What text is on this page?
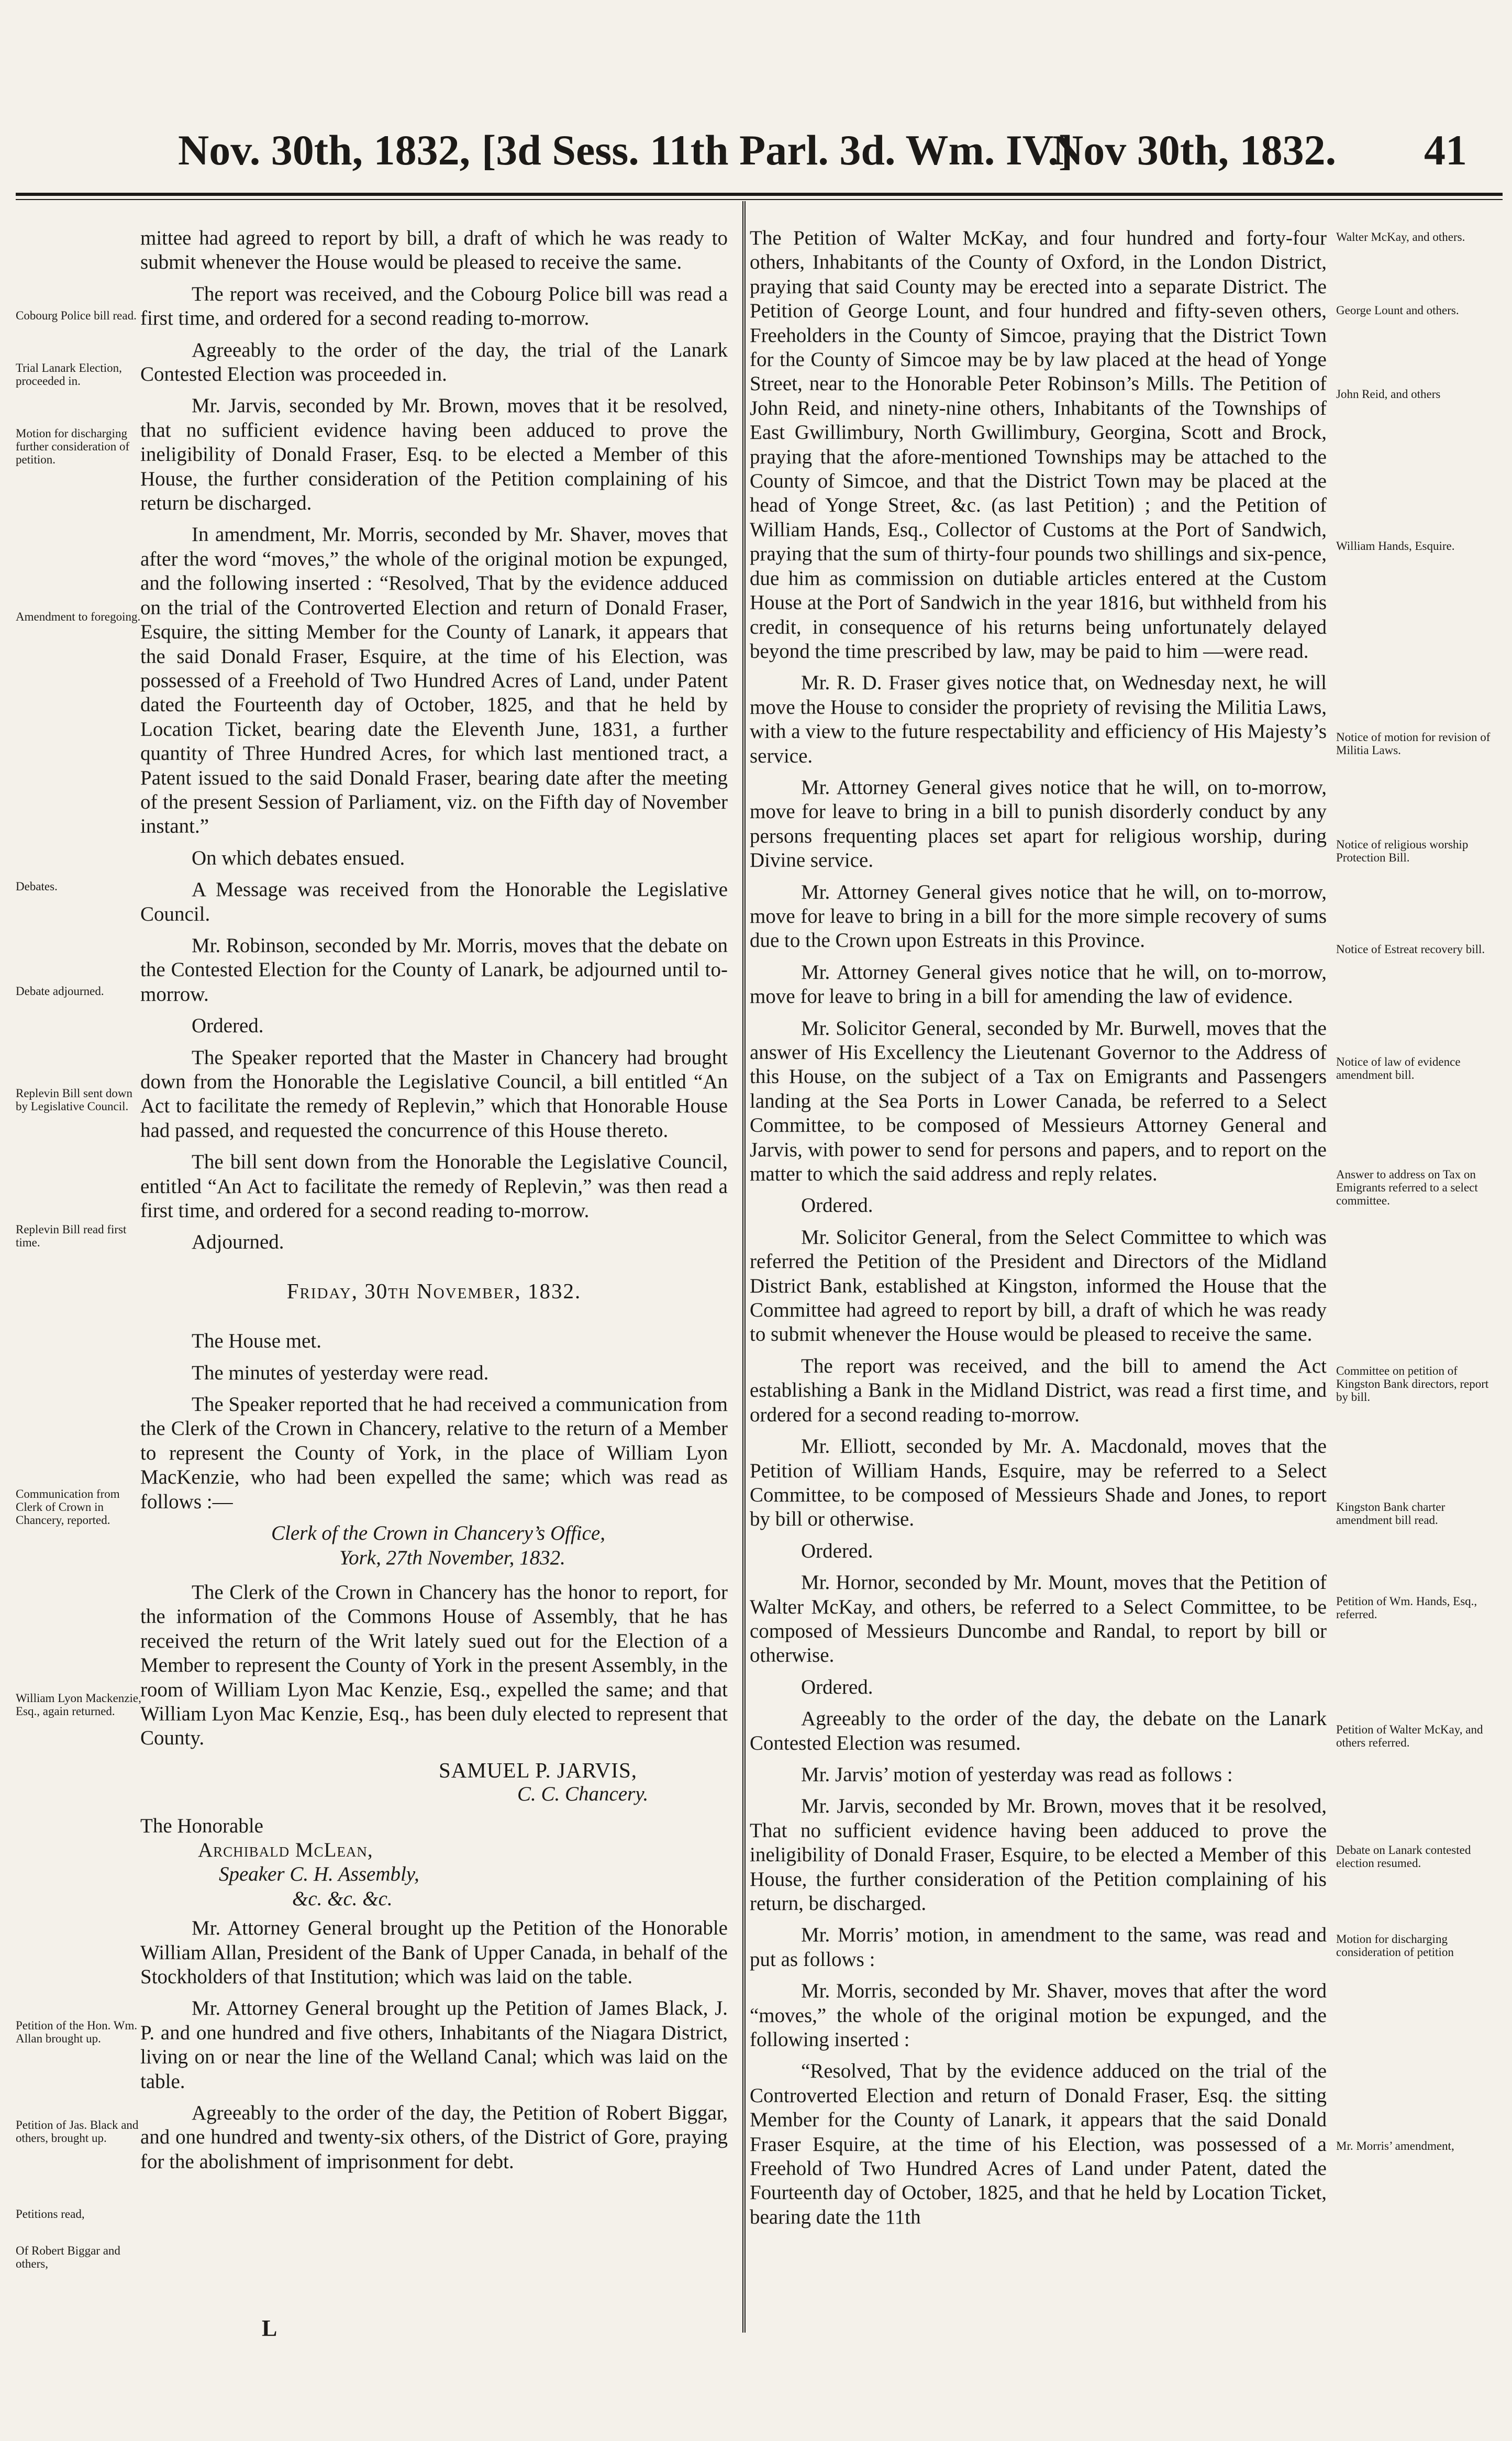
Nov. 30th, 1832, [3d Sess. 11th Parl. 3d. Wm. IV.]
Nov 30th, 1832. 41

mittee had agreed to report by bill, a draft of which he was ready to submit whenever the House would be pleased to receive the same.

The report was received, and the Cobourg Police bill was read a first time, and ordered for a second reading to-morrow.

Agreeably to the order of the day, the trial of the Lanark Contested Election was proceeded in.

Mr. Jarvis, seconded by Mr. Brown, moves that it be resolved, that no sufficient evidence having been adduced to prove the ineligibility of Donald Fraser, Esq. to be elected a Member of this House, the further consideration of the Petition complaining of his return be discharged.

In amendment, Mr. Morris, seconded by Mr. Shaver, moves that after the word “moves,” the whole of the original motion be expunged, and the following inserted : “Resolved, That by the evidence adduced on the trial of the Controverted Election and return of Donald Fraser, Esquire, the sitting Member for the County of Lanark, it appears that the said Donald Fraser, Esquire, at the time of his Election, was possessed of a Freehold of Two Hundred Acres of Land, under Patent dated the Fourteenth day of October, 1825, and that he held by Location Ticket, bearing date the Eleventh June, 1831, a further quantity of Three Hundred Acres, for which last mentioned tract, a Patent issued to the said Donald Fraser, bearing date after the meeting of the present Session of Parliament, viz. on the Fifth day of November instant.”

On which debates ensued.

A Message was received from the Honorable the Legislative Council.

Mr. Robinson, seconded by Mr. Morris, moves that the debate on the Contested Election for the County of Lanark, be adjourned until to-morrow.

Ordered.

The Speaker reported that the Master in Chancery had brought down from the Honorable the Legislative Council, a bill entitled “An Act to facilitate the remedy of Replevin,” which that Honorable House had passed, and requested the concurrence of this House thereto.

The bill sent down from the Honorable the Legislative Council, entitled “An Act to facilitate the remedy of Replevin,” was then read a first time, and ordered for a second reading to-morrow.

Adjourned.

Friday, 30th November, 1832.

The House met.

The minutes of yesterday were read.

The Speaker reported that he had received a communication from the Clerk of the Crown in Chancery, relative to the return of a Member to represent the County of York, in the place of William Lyon MacKenzie, who had been expelled the same; which was read as follows :—

Clerk of the Crown in Chancery’s Office,
York, 27th November, 1832.

The Clerk of the Crown in Chancery has the honor to report, for the information of the Commons House of Assembly, that he has received the return of the Writ lately sued out for the Election of a Member to represent the County of York in the present Assembly, in the room of William Lyon Mac Kenzie, Esq., expelled the same; and that William Lyon Mac Kenzie, Esq., has been duly elected to represent that County.

SAMUEL P. JARVIS,
C. C. Chancery.
The Honorable
Archibald McLean,
Speaker C. H. Assembly,
&c. &c. &c.

Mr. Attorney General brought up the Petition of the Honorable William Allan, President of the Bank of Upper Canada, in behalf of the Stockholders of that Institution; which was laid on the table.

Mr. Attorney General brought up the Petition of James Black, J. P. and one hundred and five others, Inhabitants of the Niagara District, living on or near the line of the Welland Canal; which was laid on the table.

Agreeably to the order of the day, the Petition of Robert Biggar, and one hundred and twenty-six others, of the District of Gore, praying for the abolishment of imprisonment for debt.

The Petition of Walter McKay, and four hundred and forty-four others, Inhabitants of the County of Oxford, in the London District, praying that said County may be erected into a separate District. The Petition of George Lount, and four hundred and fifty-seven others, Freeholders in the County of Simcoe, praying that the District Town for the County of Simcoe may be by law placed at the head of Yonge Street, near to the Honorable Peter Robinson’s Mills. The Petition of John Reid, and ninety-nine others, Inhabitants of the Townships of East Gwillimbury, North Gwillimbury, Georgina, Scott and Brock, praying that the afore-mentioned Townships may be attached to the County of Simcoe, and that the District Town may be placed at the head of Yonge Street, &c. (as last Petition) ; and the Petition of William Hands, Esq., Collector of Customs at the Port of Sandwich, praying that the sum of thirty-four pounds two shillings and six-pence, due him as commission on dutiable articles entered at the Custom House at the Port of Sandwich in the year 1816, but withheld from his credit, in consequence of his returns being unfortunately delayed beyond the time prescribed by law, may be paid to him —were read.

Mr. R. D. Fraser gives notice that, on Wednesday next, he will move the House to consider the propriety of revising the Militia Laws, with a view to the future respectability and efficiency of His Majesty’s service.

Mr. Attorney General gives notice that he will, on to-morrow, move for leave to bring in a bill to punish disorderly conduct by any persons frequenting places set apart for religious worship, during Divine service.

Mr. Attorney General gives notice that he will, on to-morrow, move for leave to bring in a bill for the more simple recovery of sums due to the Crown upon Estreats in this Province.

Mr. Attorney General gives notice that he will, on to-morrow, move for leave to bring in a bill for amending the law of evidence.

Mr. Solicitor General, seconded by Mr. Burwell, moves that the answer of His Excellency the Lieutenant Governor to the Address of this House, on the subject of a Tax on Emigrants and Passengers landing at the Sea Ports in Lower Canada, be referred to a Select Committee, to be composed of Messieurs Attorney General and Jarvis, with power to send for persons and papers, and to report on the matter to which the said address and reply relates.

Ordered.

Mr. Solicitor General, from the Select Committee to which was referred the Petition of the President and Directors of the Midland District Bank, established at Kingston, informed the House that the Committee had agreed to report by bill, a draft of which he was ready to submit whenever the House would be pleased to receive the same.

The report was received, and the bill to amend the Act establishing a Bank in the Midland District, was read a first time, and ordered for a second reading to-morrow.

Mr. Elliott, seconded by Mr. A. Macdonald, moves that the Petition of William Hands, Esquire, may be referred to a Select Committee, to be composed of Messieurs Shade and Jones, to report by bill or otherwise.

Ordered.

Mr. Hornor, seconded by Mr. Mount, moves that the Petition of Walter McKay, and others, be referred to a Select Committee, to be composed of Messieurs Duncombe and Randal, to report by bill or otherwise.

Ordered.

Agreeably to the order of the day, the debate on the Lanark Contested Election was resumed.

Mr. Jarvis’ motion of yesterday was read as follows :

Mr. Jarvis, seconded by Mr. Brown, moves that it be resolved, That no sufficient evidence having been adduced to prove the ineligibility of Donald Fraser, Esquire, to be elected a Member of this House, the further consideration of the Petition complaining of his return, be discharged.

Mr. Morris’ motion, in amendment to the same, was read and put as follows :

Mr. Morris, seconded by Mr. Shaver, moves that after the word “moves,” the whole of the original motion be expunged, and the following inserted :

“Resolved, That by the evidence adduced on the trial of the Controverted Election and return of Donald Fraser, Esq. the sitting Member for the County of Lanark, it appears that the said Donald Fraser Esquire, at the time of his Election, was possessed of a Freehold of Two Hundred Acres of Land under Patent, dated the Fourteenth day of October, 1825, and that he held by Location Ticket, bearing date the 11th

Cobourg Police bill read.
Trial Lanark Election, proceeded in.
Motion for discharging further consideration of petition.
Amendment to foregoing.
Debates.
Debate adjourned.
Replevin Bill sent down by Legislative Council.
Replevin Bill read first time.
Communication from Clerk of Crown in Chancery, reported.
William Lyon Mackenzie, Esq., again returned.
Petition of the Hon. Wm. Allan brought up.
Petition of Jas. Black and others, brought up.
Petitions read,
Of Robert Biggar and others,
Walter McKay, and others.
George Lount and others.
John Reid, and others
William Hands, Esquire.
Notice of motion for revision of Militia Laws.
Notice of religious worship Protection Bill.
Notice of Estreat recovery bill.
Notice of law of evidence amendment bill.
Answer to address on Tax on Emigrants referred to a select committee.
Committee on petition of Kingston Bank directors, report by bill.
Kingston Bank charter amendment bill read.
Petition of Wm. Hands, Esq., referred.
Petition of Walter McKay, and others referred.
Debate on Lanark contested election resumed.
Motion for discharging consideration of petition
Mr. Morris’ amendment,
L
